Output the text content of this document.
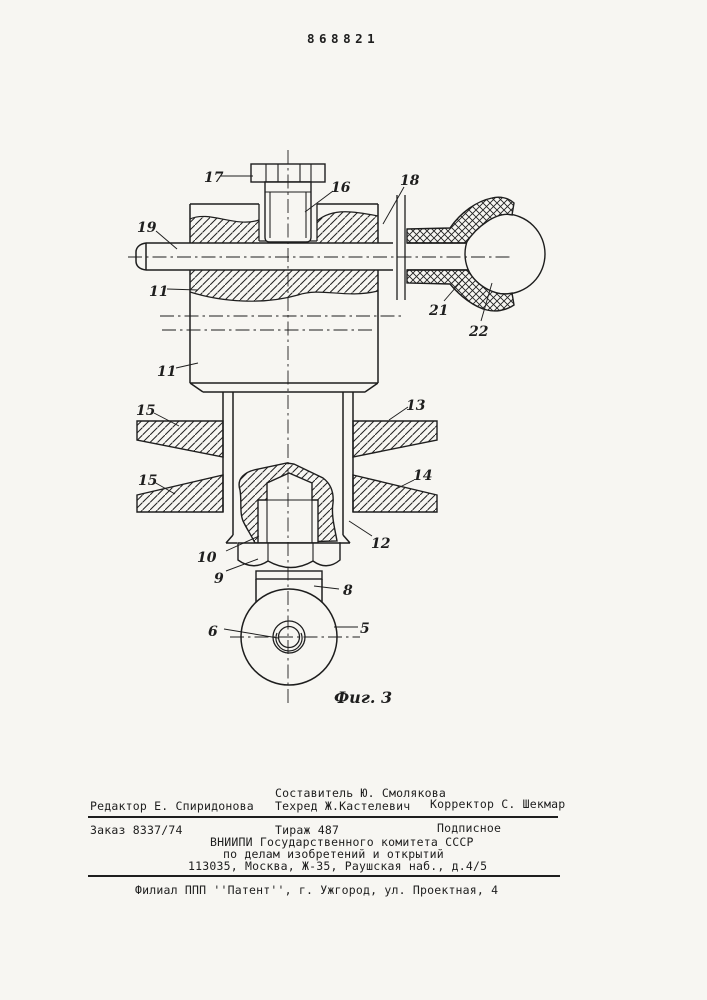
868821
17
16	18
19
11
21
22
11
15	13
15	14
12
10
9
8
6	5
Фиг. 3
Составитель Ю. Смолякова
Редактор Е. Спиридонова Техред Ж.Кастелевич Корректор С. Шекмар
Заказ 8337/74	Тираж 487	Подписное
ВНИИПИ Государственного комитета СССР
по делам изобретений и открытий
113035, Москва, Ж-35, Раушская наб., д.4/5
Филиал ППП ''Патент'', г. Ужгород, ул. Проектная, 4
